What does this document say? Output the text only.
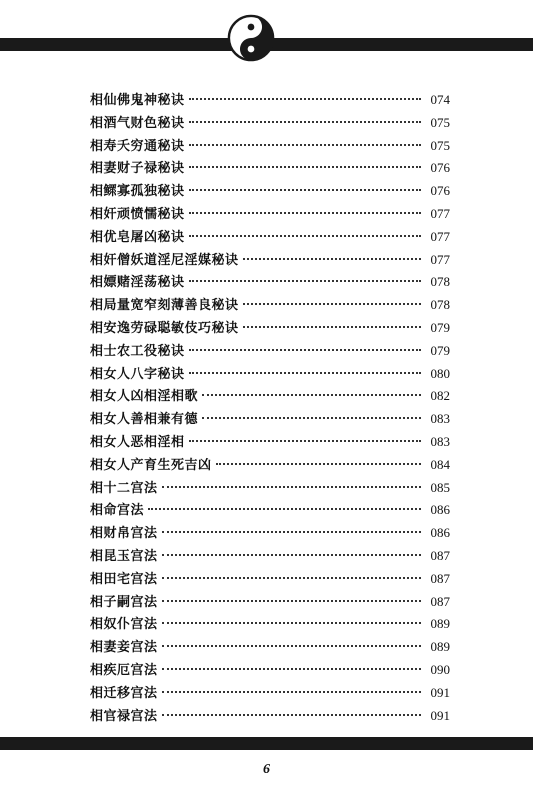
相仙佛鬼神秘诀	074
相酒气财色秘诀	075
相寿夭穷通秘诀	075
相妻财子禄秘诀	076
相鳏寡孤独秘诀	076
相奸顽愤懦秘诀	077
相优皂屠凶秘诀	077
相奸僧妖道淫尼淫媒秘诀	077
相嫖赌淫荡秘诀	078
相局量宽窄刻薄善良秘诀	078
相安逸劳碌聪敏伎巧秘诀	079
相士农工役秘诀	079
相女人八字秘诀	080
相女人凶相淫相歌	082
相女人善相兼有德	083
相女人恶相淫相	083
相女人产育生死吉凶	084
相十二宫法	085
相命宫法	086
相财帛宫法	086
相昆玉宫法	087
相田宅宫法	087
相子嗣宫法	087
相奴仆宫法	089
相妻妾宫法	089
相疾厄宫法	090
相迁移宫法	091
相官禄宫法	091
6
